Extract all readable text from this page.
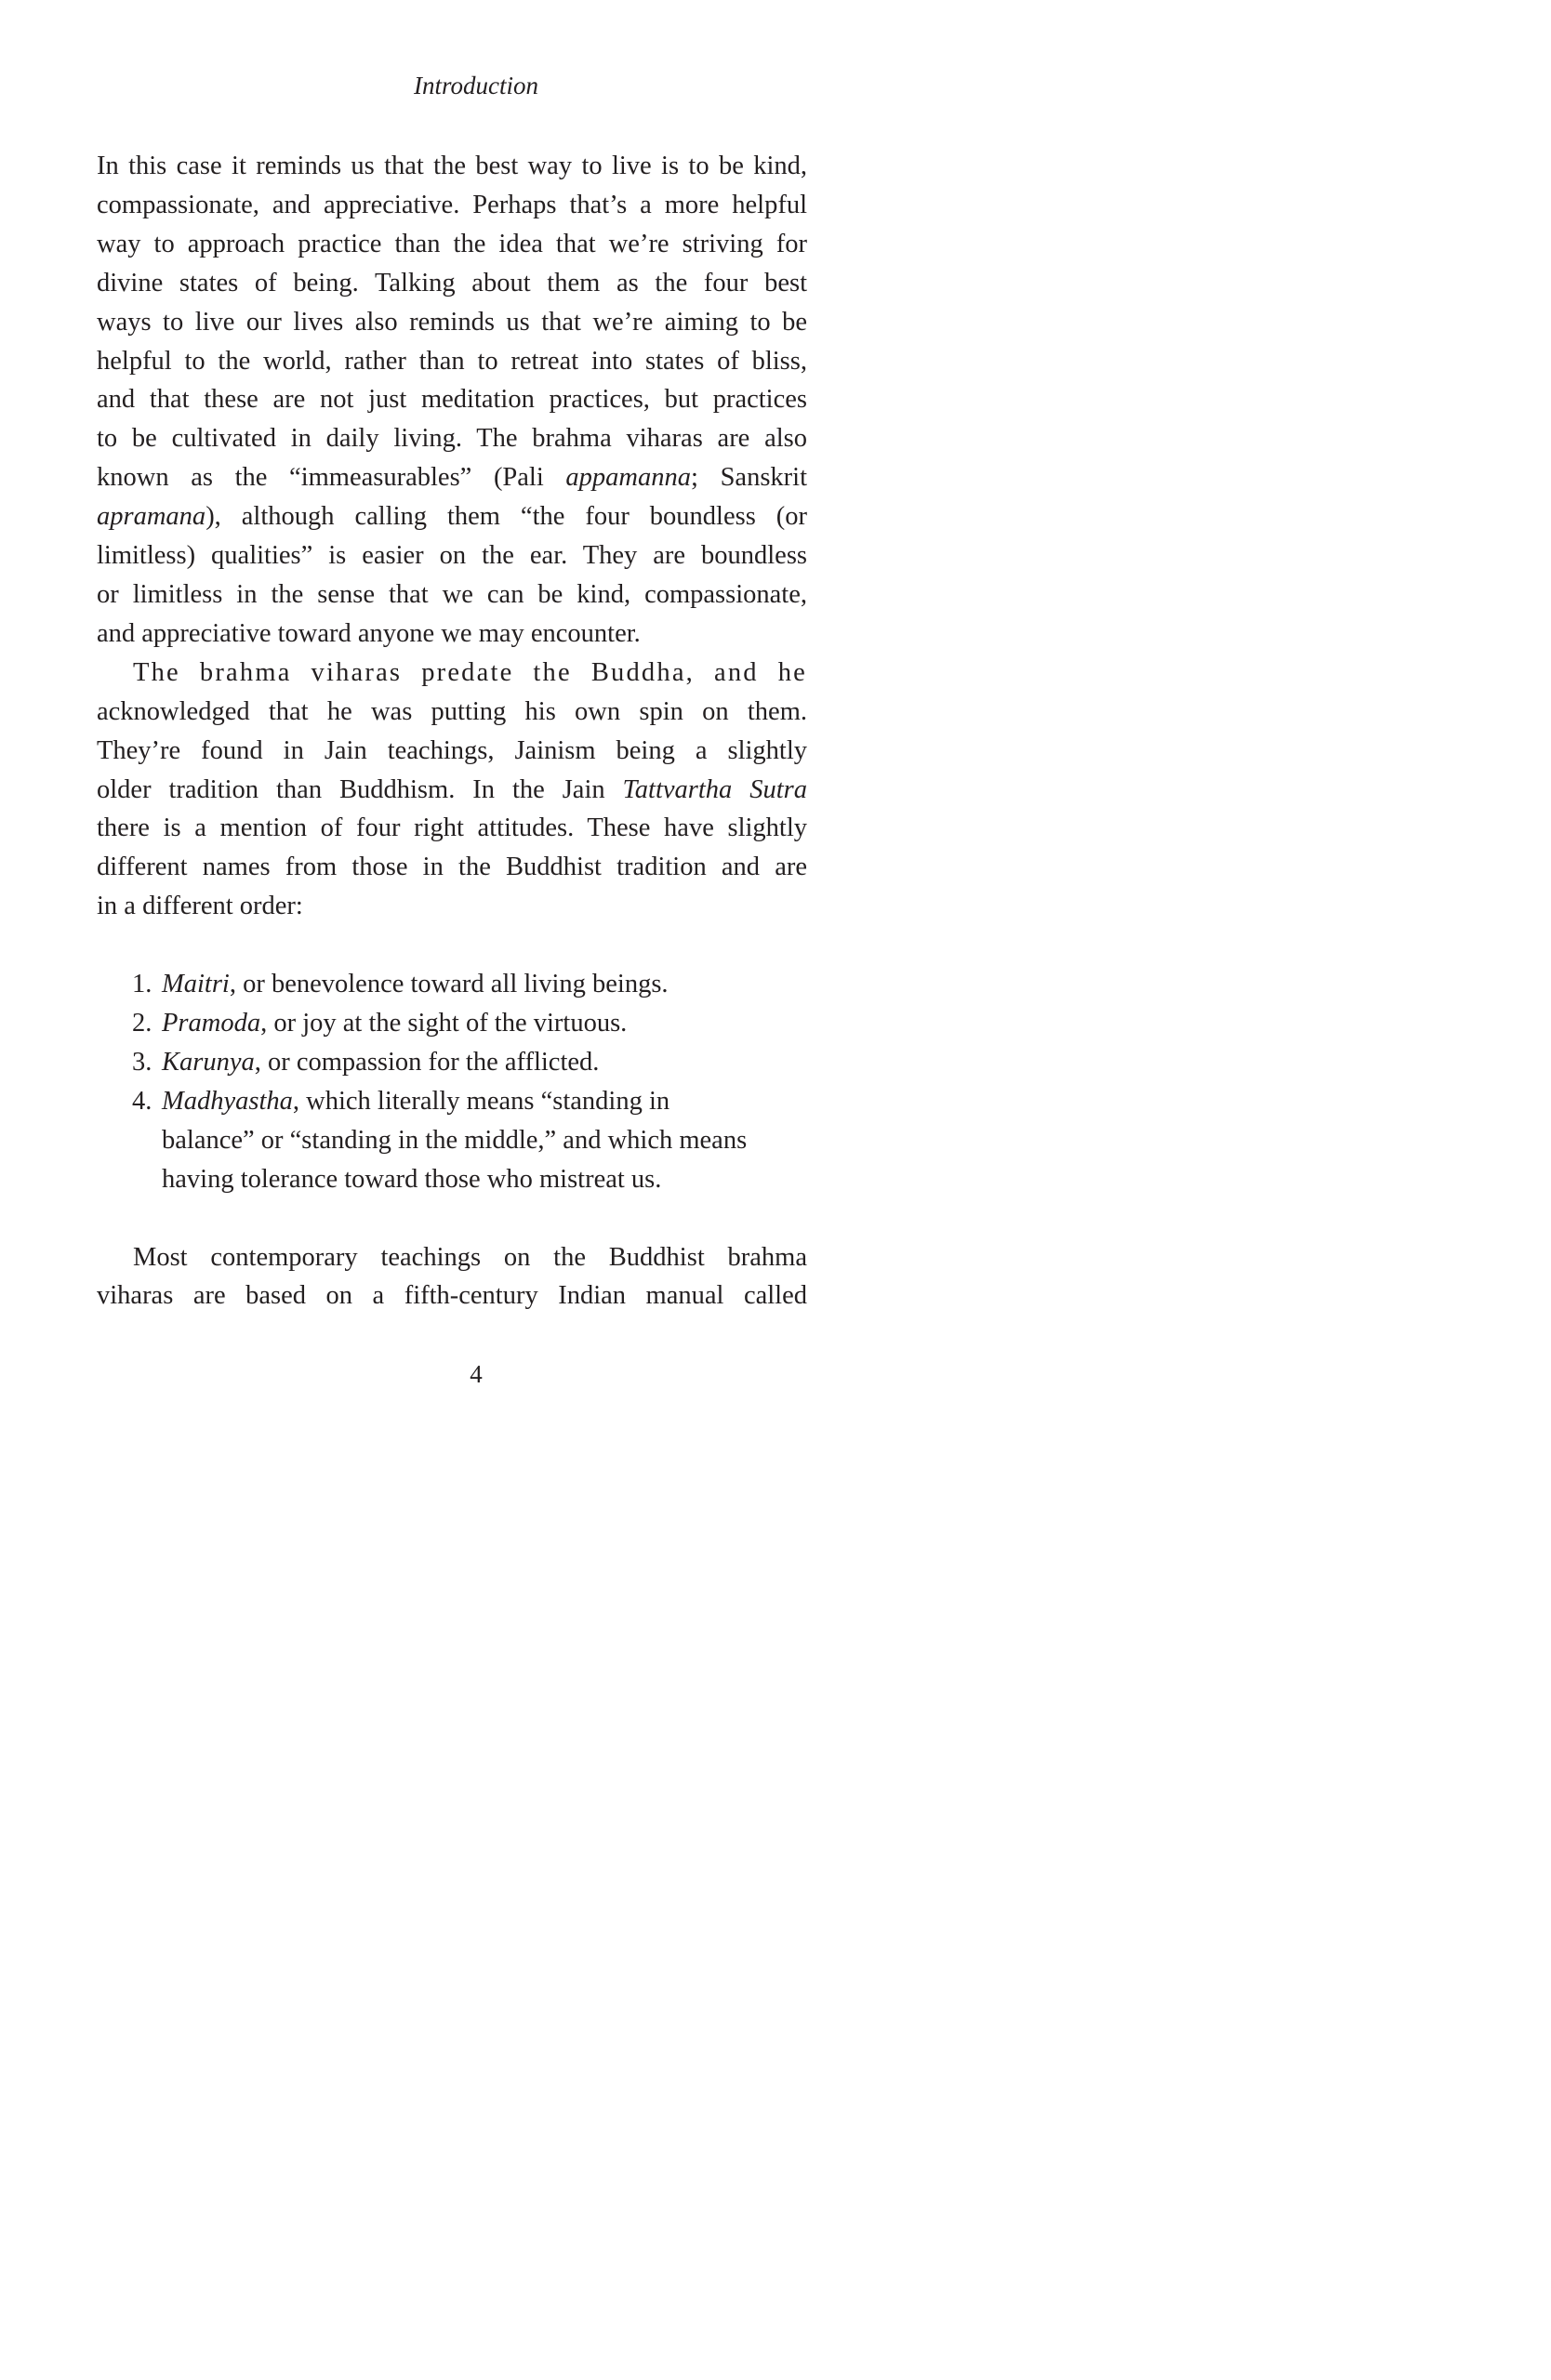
Introduction

In this case it reminds us that the best way to live is to be kind,
compassionate, and appreciative. Perhaps that’s a more helpful
way to approach practice than the idea that we’re striving for
divine states of being. Talking about them as the four best
ways to live our lives also reminds us that we’re aiming to be
helpful to the world, rather than to retreat into states of bliss,
and that these are not just meditation practices, but practices
to be cultivated in daily living. The brahma viharas are also
known as the “immeasurables” (Pali appamanna; Sanskrit
apramana), although calling them “the four boundless (or
limitless) qualities” is easier on the ear. They are boundless
or limitless in the sense that we can be kind, compassionate,
and appreciative toward anyone we may encounter.

The brahma viharas predate the Buddha, and he
acknowledged that he was putting his own spin on them.
They’re found in Jain teachings, Jainism being a slightly
older tradition than Buddhism. In the Jain Tattvartha Sutra
there is a mention of four right attitudes. These have slightly
different names from those in the Buddhist tradition and are
in a different order:

1. Maitri, or benevolence toward all living beings.
2. Pramoda, or joy at the sight of the virtuous.
3. Karunya, or compassion for the afflicted.
4. Madhyastha, which literally means “standing in
balance” or “standing in the middle,” and which means
having tolerance toward those who mistreat us.

Most contemporary teachings on the Buddhist brahma
viharas are based on a fifth-century Indian manual called

4
